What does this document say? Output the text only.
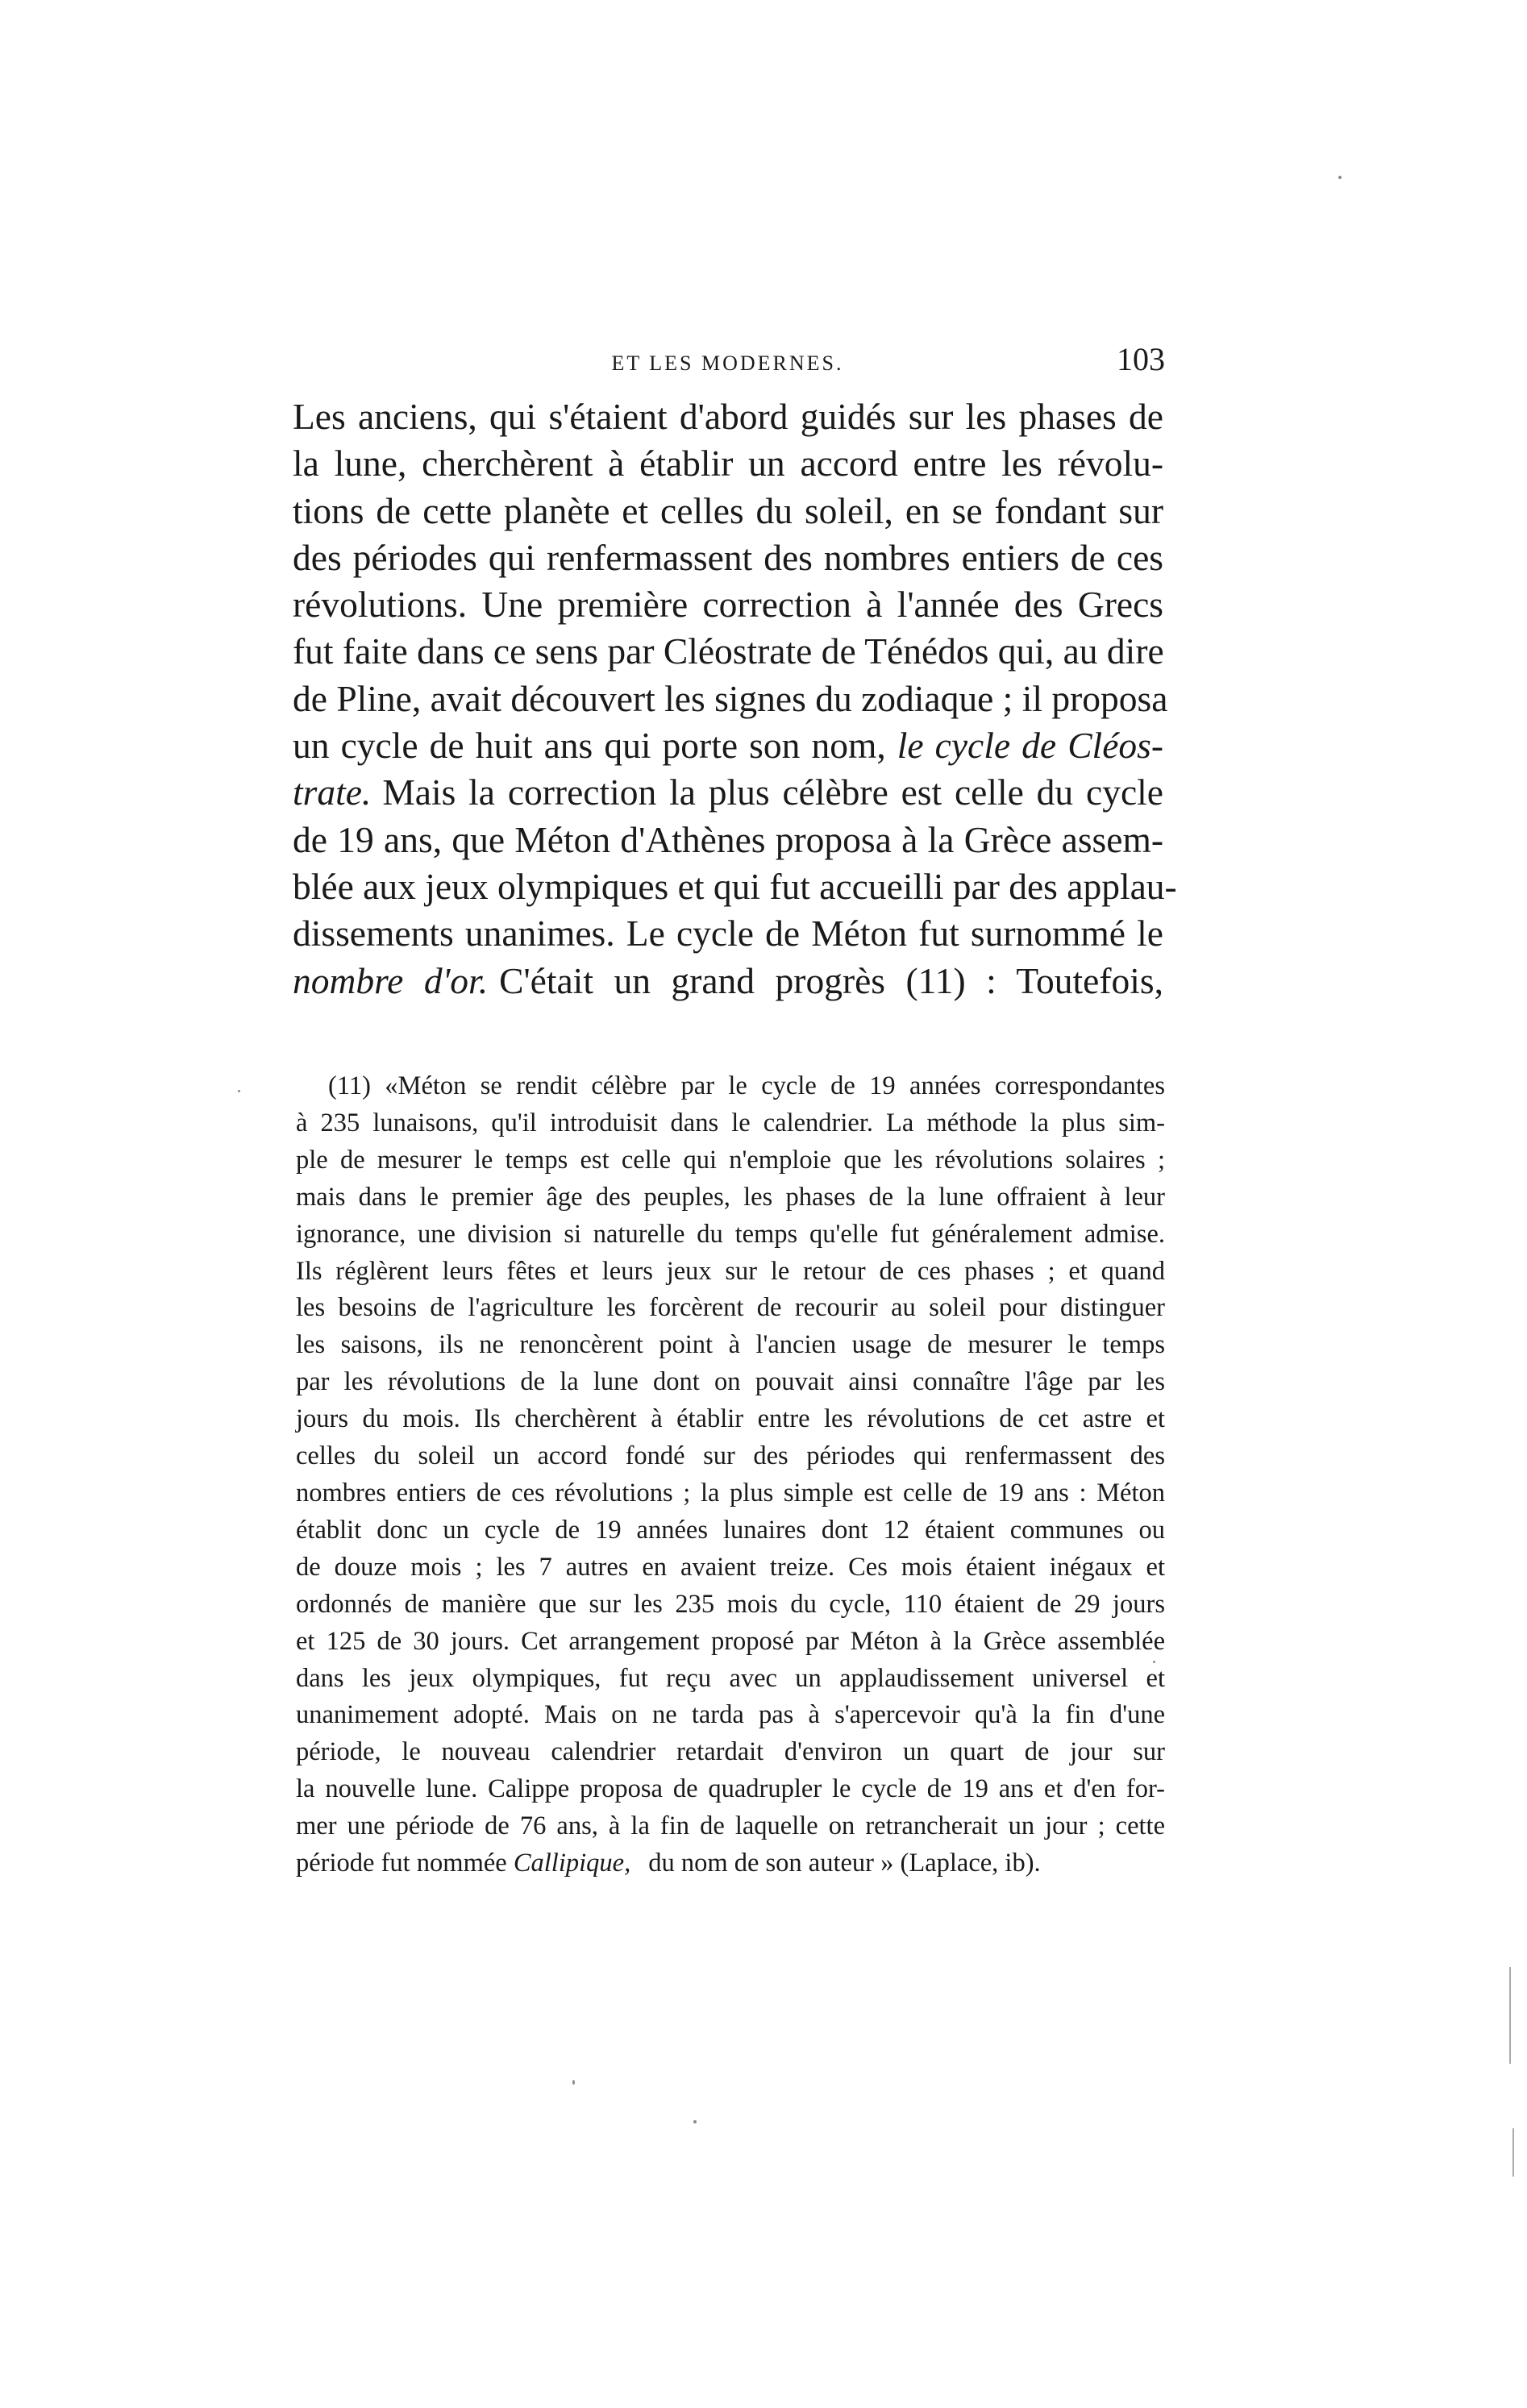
ET LES MODERNES.	103

Les anciens, qui s'étaient d'abord guidés sur les phases de
la lune, cherchèrent à établir un accord entre les révolu-
tions de cette planète et celles du soleil, en se fondant sur
des périodes qui renfermassent des nombres entiers de ces
révolutions. Une première correction à l'année des Grecs
fut faite dans ce sens par Cléostrate de Ténédos qui, au dire
de Pline, avait découvert les signes du zodiaque ; il proposa
un cycle de huit ans qui porte son nom, le cycle de Cléos-
trate. Mais la correction la plus célèbre est celle du cycle
de 19 ans, que Méton d'Athènes proposa à la Grèce assem-
blée aux jeux olympiques et qui fut accueilli par des applau-
dissements unanimes. Le cycle de Méton fut surnommé le
nombre d'or. C'était un grand progrès (11) : Toutefois,

(11) «Méton se rendit célèbre par le cycle de 19 années correspondantes
à 235 lunaisons, qu'il introduisit dans le calendrier. La méthode la plus sim-
ple de mesurer le temps est celle qui n'emploie que les révolutions solaires ;
mais dans le premier âge des peuples, les phases de la lune offraient à leur
ignorance, une division si naturelle du temps qu'elle fut généralement admise.
Ils réglèrent leurs fêtes et leurs jeux sur le retour de ces phases ; et quand
les besoins de l'agriculture les forcèrent de recourir au soleil pour distinguer
les saisons, ils ne renoncèrent point à l'ancien usage de mesurer le temps
par les révolutions de la lune dont on pouvait ainsi connaître l'âge par les
jours du mois. Ils cherchèrent à établir entre les révolutions de cet astre et
celles du soleil un accord fondé sur des périodes qui renfermassent des
nombres entiers de ces révolutions ; la plus simple est celle de 19 ans : Méton
établit donc un cycle de 19 années lunaires dont 12 étaient communes ou
de douze mois ; les 7 autres en avaient treize. Ces mois étaient inégaux et
ordonnés de manière que sur les 235 mois du cycle, 110 étaient de 29 jours
et 125 de 30 jours. Cet arrangement proposé par Méton à la Grèce assemblée
dans les jeux olympiques, fut reçu avec un applaudissement universel et
unanimement adopté. Mais on ne tarda pas à s'apercevoir qu'à la fin d'une
période, le nouveau calendrier retardait d'environ un quart de jour sur
la nouvelle lune. Calippe proposa de quadrupler le cycle de 19 ans et d'en for-
mer une période de 76 ans, à la fin de laquelle on retrancherait un jour ; cette
période fut nommée Callipique, du nom de son auteur » (Laplace, ib).
